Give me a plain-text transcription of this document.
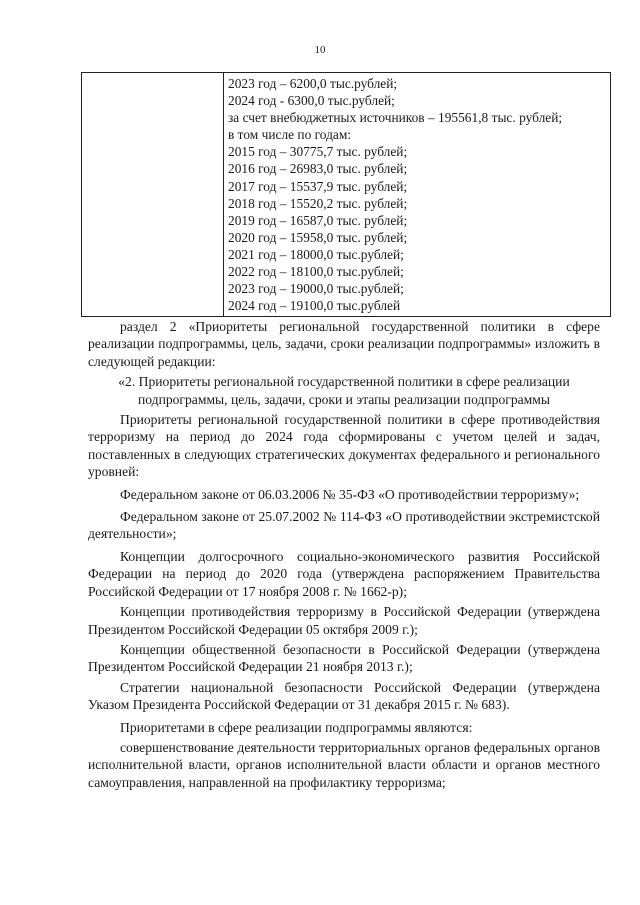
10
2023 год – 6200,0 тыс.рублей;
2024 год - 6300,0 тыс.рублей;
за счет внебюджетных источников – 195561,8 тыс. рублей;
в том числе по годам:
2015 год – 30775,7 тыс. рублей;
2016 год – 26983,0 тыс. рублей;
2017 год – 15537,9 тыс. рублей;
2018 год – 15520,2 тыс. рублей;
2019 год – 16587,0 тыс. рублей;
2020 год – 15958,0 тыс. рублей;
2021 год – 18000,0 тыс.рублей;
2022 год – 18100,0 тыс.рублей;
2023 год – 19000,0 тыс.рублей;
2024 год – 19100,0 тыс.рублей
раздел 2 «Приоритеты региональной государственной политики в сфере реализации подпрограммы, цель, задачи, сроки реализации подпрограммы» изложить в следующей редакции:
«2. Приоритеты региональной государственной политики в сфере реализации подпрограммы, цель, задачи, сроки и этапы реализации подпрограммы
Приоритеты региональной государственной политики в сфере противодействия терроризму на период до 2024 года сформированы с учетом целей и задач, поставленных в следующих стратегических документах федерального и регионального уровней:
Федеральном законе от 06.03.2006 № 35-ФЗ «О противодействии терроризму»;
Федеральном законе от 25.07.2002 № 114-ФЗ «О противодействии экстремистской деятельности»;
Концепции долгосрочного социально-экономического развития Российской Федерации на период до 2020 года (утверждена распоряжением Правительства Российской Федерации от 17 ноября 2008 г. № 1662-р);
Концепции противодействия терроризму в Российской Федерации (утверждена Президентом Российской Федерации 05 октября 2009 г.);
Концепции общественной безопасности в Российской Федерации (утверждена Президентом Российской Федерации 21 ноября 2013 г.);
Стратегии национальной безопасности Российской Федерации (утверждена Указом Президента Российской Федерации от 31 декабря 2015 г. № 683).
Приоритетами в сфере реализации подпрограммы являются:
совершенствование деятельности территориальных органов федеральных органов исполнительной власти, органов исполнительной власти области и органов местного самоуправления, направленной на профилактику терроризма;
